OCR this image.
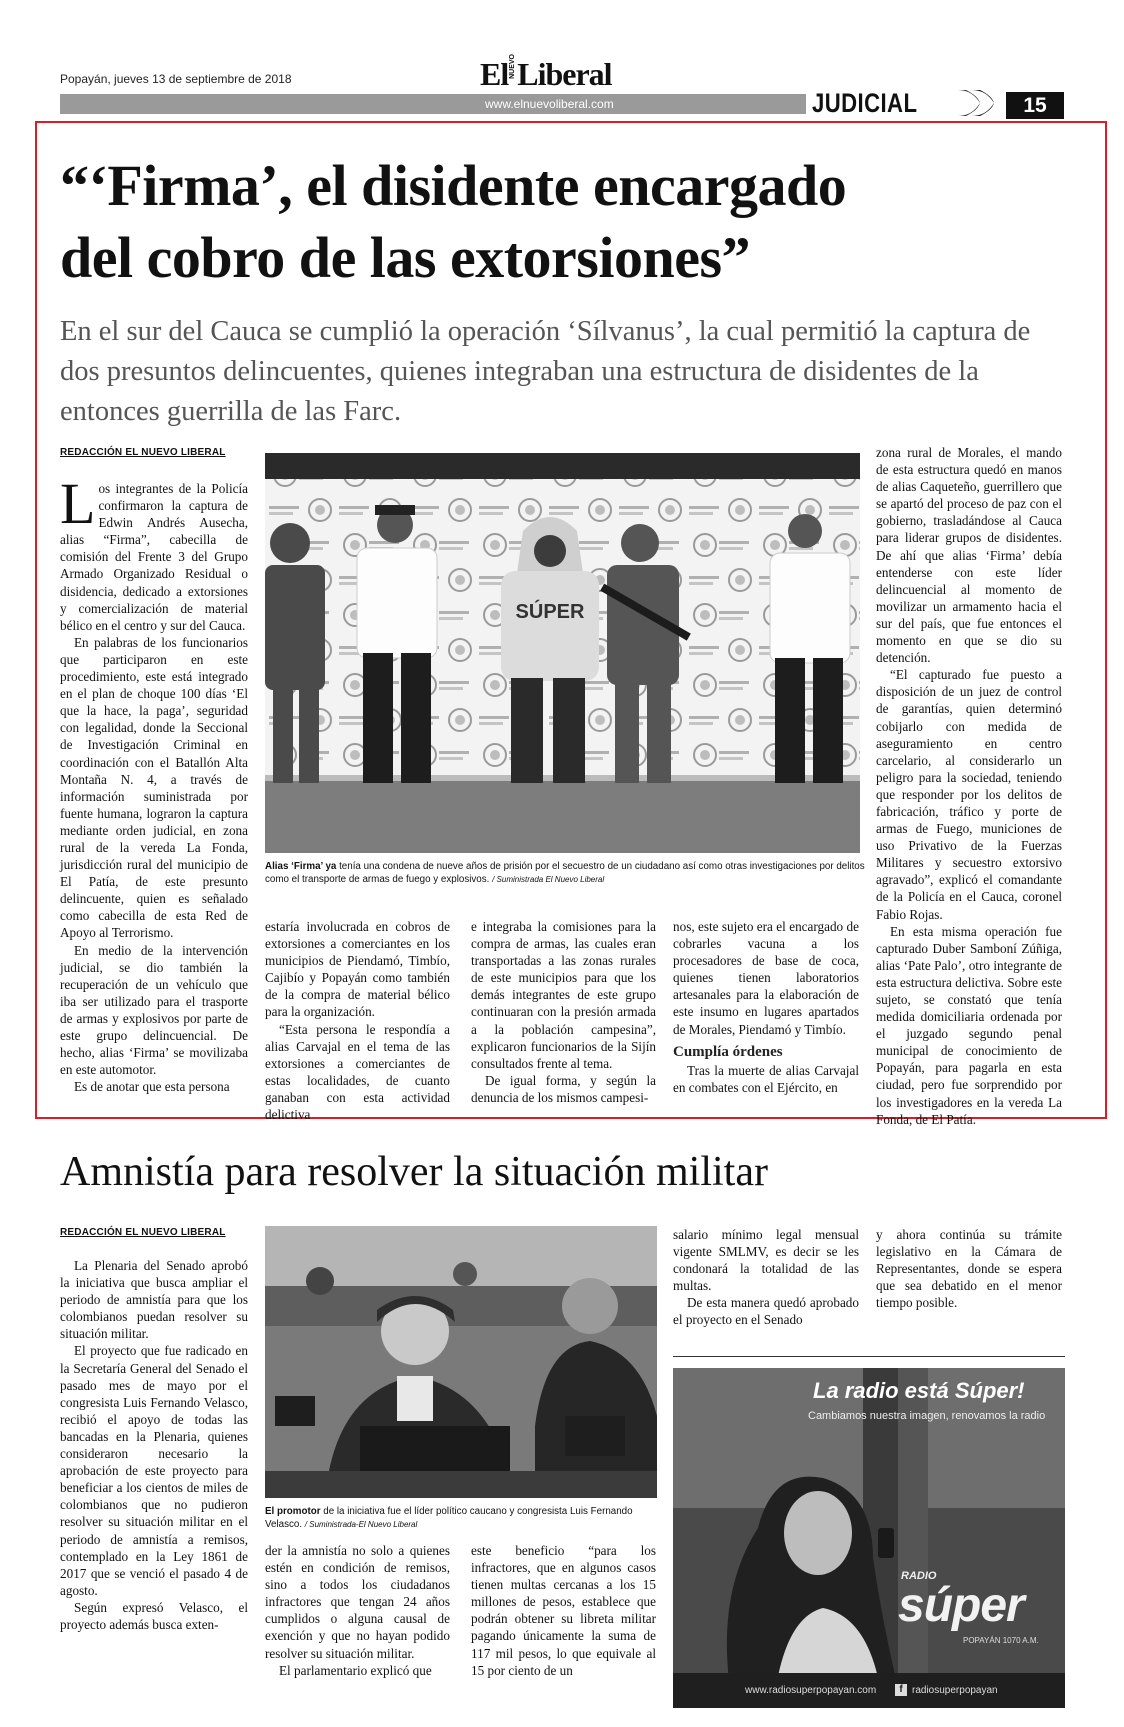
Popayán, jueves 13 de septiembre de 2018	ElNUEVOLiberal
www.elnuevoliberal.com	JUDICIAL	15
“‘Firma’, el disidente encargado
del cobro de las extorsiones”
En el sur del Cauca se cumplió la operación ‘Sílvanus’, la cual permitió la captura de dos presuntos delincuentes, quienes integraban una estructura de disidentes de la entonces guerrilla de las Farc.
REDACCIÓN EL NUEVO LIBERAL
L os integrantes de la Policía confirmaron la captura de Edwin Andrés Ausecha, alias “Firma”, cabecilla de comisión del Frente 3 del Grupo Armado Organizado Residual o disidencia, dedicado a extorsiones y comercialización de material bélico en el centro y sur del Cauca.

En palabras de los funcionarios que participaron en este procedimiento, este está integrado en el plan de choque 100 días ‘El que la hace, la paga’, seguridad con legalidad, donde la Seccional de Investigación Criminal en coordinación con el Batallón Alta Montaña N. 4, a través de información suministrada por fuente humana, lograron la captura mediante orden judicial, en zona rural de la vereda La Fonda, jurisdicción rural del municipio de El Patía, de este presunto delincuente, quien es señalado como cabecilla de esta Red de Apoyo al Terrorismo.

En medio de la intervención judicial, se dio también la recuperación de un vehículo que iba ser utilizado para el trasporte de armas y explosivos por parte de este grupo delincuencial. De hecho, alias ‘Firma’ se movilizaba en este automotor.

Es de anotar que esta persona

SÚPER
Alias ‘Firma’ ya tenía una condena de nueve años de prisión por el secuestro de un ciudadano así como otras investigaciones por delitos como el transporte de armas de fuego y explosivos. / Suministrada El Nuevo Liberal

zona rural de Morales, el mando de esta estructura quedó en manos de alias Caqueteño, guerrillero que se apartó del proceso de paz con el gobierno, trasladándose al Cauca para liderar grupos de disidentes. De ahí que alias ‘Firma’ debía entenderse con este líder delincuencial al momento de movilizar un armamento hacia el sur del país, que fue entonces el momento en que se dio su detención.

“El capturado fue puesto a disposición de un juez de control de garantías, quien determinó cobijarlo con medida de aseguramiento en centro carcelario, al considerarlo un peligro para la sociedad, teniendo que responder por los delitos de fabricación, tráfico y porte de armas de Fuego, municiones de uso Privativo de la Fuerzas Militares y secuestro extorsivo agravado”, explicó el comandante de la Policía en el Cauca, coronel Fabio Rojas.

En esta misma operación fue capturado Duber Samboní Zúñiga, alias ‘Pate Palo’, otro integrante de esta estructura delictiva. Sobre este sujeto, se constató que tenía medida domiciliaria ordenada por el juzgado segundo penal municipal de conocimiento de Popayán, para pagarla en esta ciudad, pero fue sorprendido por los investigadores en la vereda La Fonda, de El Patía.

estaría involucrada en cobros de extorsiones a comerciantes en los municipios de Piendamó, Timbío, Cajibío y Popayán como también de la compra de material bélico para la organización.

“Esta persona le respondía a alias Carvajal en el tema de las extorsiones a comerciantes de estas localidades, de cuanto ganaban con esta actividad delictiva

e integraba la comisiones para la compra de armas, las cuales eran transportadas a las zonas rurales de este municipios para que los demás integrantes de este grupo continuaran con la presión armada a la población campesina”, explicaron funcionarios de la Sijín consultados frente al tema.

De igual forma, y según la denuncia de los mismos campesi-

nos, este sujeto era el encargado de cobrarles vacuna a los procesadores de base de coca, quienes tienen laboratorios artesanales para la elaboración de este insumo en lugares apartados de Morales, Piendamó y Timbío.

Cumplía órdenes

Tras la muerte de alias Carvajal en combates con el Ejército, en

Amnistía para resolver la situación militar
REDACCIÓN EL NUEVO LIBERAL

La Plenaria del Senado aprobó la iniciativa que busca ampliar el periodo de amnistía para que los colombianos puedan resolver su situación militar.

El proyecto que fue radicado en la Secretaría General del Senado el pasado mes de mayo por el congresista Luis Fernando Velasco, recibió el apoyo de todas las bancadas en la Plenaria, quienes consideraron necesario la aprobación de este proyecto para beneficiar a los cientos de miles de colombianos que no pudieron resolver su situación militar en el periodo de amnistía a remisos, contemplado en la Ley 1861 de 2017 que se venció el pasado 4 de agosto.

Según expresó Velasco, el proyecto además busca exten-

El promotor de la iniciativa fue el líder político caucano y congresista Luis Fernando Velasco. / Suministrada-El Nuevo Liberal

der la amnistía no solo a quienes estén en condición de remisos, sino a todos los ciudadanos infractores que tengan 24 años cumplidos o alguna causal de exención y que no hayan podido resolver su situación militar.

El parlamentario explicó que

este beneficio “para los infractores, que en algunos casos tienen multas cercanas a los 15 millones de pesos, establece que podrán obtener su libreta militar pagando únicamente la suma de 117 mil pesos, lo que equivale al 15 por ciento de un

salario mínimo legal mensual vigente SMLMV, es decir se les condonará la totalidad de las multas.

De esta manera quedó aprobado el proyecto en el Senado

y ahora continúa su trámite legislativo en la Cámara de Representantes, donde se espera que sea debatido en el menor tiempo posible.

La radio está Súper!
Cambiamos nuestra imagen, renovamos la radio
RADIO
súper
POPAYÁN 1070 A.M.
www.radiosuperpopayan.com	f radiosuperpopayan
